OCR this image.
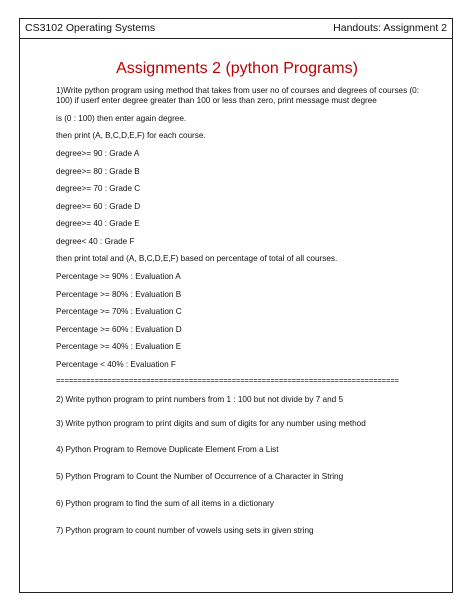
CS3102 Operating Systems	Handouts: Assignment 2
Assignments 2 (python Programs)
1)Write python program using method that takes from user no of courses and degrees of courses (0:
100) if userf enter degree greater than 100 or less than zero, print message must degree
is (0 : 100) then enter again degree.
then print (A, B,C,D,E,F) for each course.
degree>= 90 : Grade A
degree>= 80 : Grade B
degree>= 70 : Grade C
degree>= 60 : Grade D
degree>= 40 : Grade E
degree< 40 : Grade F
then print total and (A, B,C,D,E,F) based on percentage of total of all courses.
Percentage >= 90% : Evaluation A
Percentage >= 80% : Evaluation B
Percentage >= 70% : Evaluation C
Percentage >= 60% : Evaluation D
Percentage >= 40% : Evaluation E
Percentage < 40% : Evaluation F
================================================================================
2) Write python program to print numbers from 1 : 100 but not divide by 7 and 5
3) Write python program to print digits and sum of digits for any number using method
4) Python Program to Remove Duplicate Element From a List
5) Python Program to Count the Number of Occurrence of a Character in String
6) Python program to find the sum of all items in a dictionary
7) Python program to count number of vowels using sets in given string
